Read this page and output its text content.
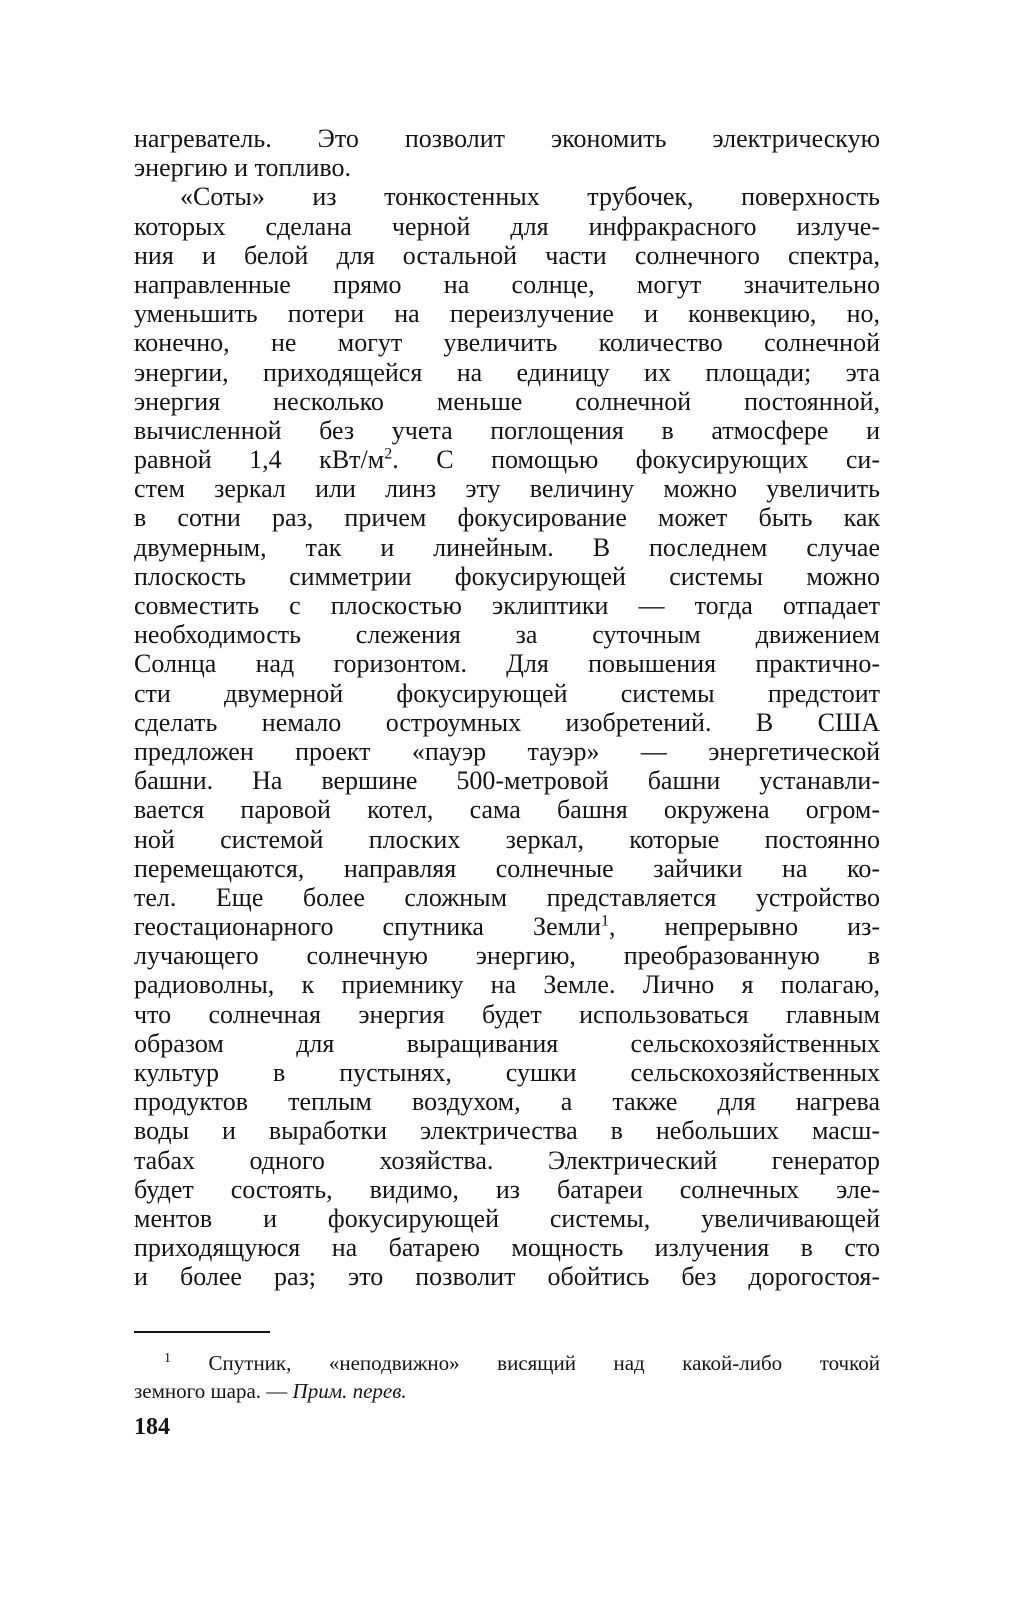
нагреватель. Это позволит экономить электрическую
энергию и топливо.
«Соты» из тонкостенных трубочек, поверхность
которых сделана черной для инфракрасного излуче-
ния и белой для остальной части солнечного спектра,
направленные прямо на солнце, могут значительно
уменьшить потери на переизлучение и конвекцию, но,
конечно, не могут увеличить количество солнечной
энергии, приходящейся на единицу их площади; эта
энергия несколько меньше солнечной постоянной,
вычисленной без учета поглощения в атмосфере и
равной 1,4 кВт/$м^2$. С помощью фокусирующих си-
стем зеркал или линз эту величину можно увеличить
в сотни раз, причем фокусирование может быть как
двумерным, так и линейным. В последнем случае
плоскость симметрии фокусирующей системы можно
совместить с плоскостью эклиптики — тогда отпадает
необходимость слежения за суточным движением
Солнца над горизонтом. Для повышения практично-
сти двумерной фокусирующей системы предстоит
сделать немало остроумных изобретений. В США
предложен проект «пауэр тауэр» — энергетической
башни. На вершине 500-метровой башни устанавли-
вается паровой котел, сама башня окружена огром-
ной системой плоских зеркал, которые постоянно
перемещаются, направляя солнечные зайчики на ко-
тел. Еще более сложным представляется устройство
геостационарного спутника Земли$^1$, непрерывно из-
лучающего солнечную энергию, преобразованную в
радиоволны, к приемнику на Земле. Лично я полагаю,
что солнечная энергия будет использоваться главным
образом для выращивания сельскохозяйственных
культур в пустынях, сушки сельскохозяйственных
продуктов теплым воздухом, а также для нагрева
воды и выработки электричества в небольших масш-
табах одного хозяйства. Электрический генератор
будет состоять, видимо, из батареи солнечных эле-
ментов и фокусирующей системы, увеличивающей
приходящуюся на батарею мощность излучения в сто
и более раз; это позволит обойтись без дорогостоя-
$^1$ Спутник, «неподвижно» висящий над какой-либо точкой
земного шара. — Прим. перев.
184
